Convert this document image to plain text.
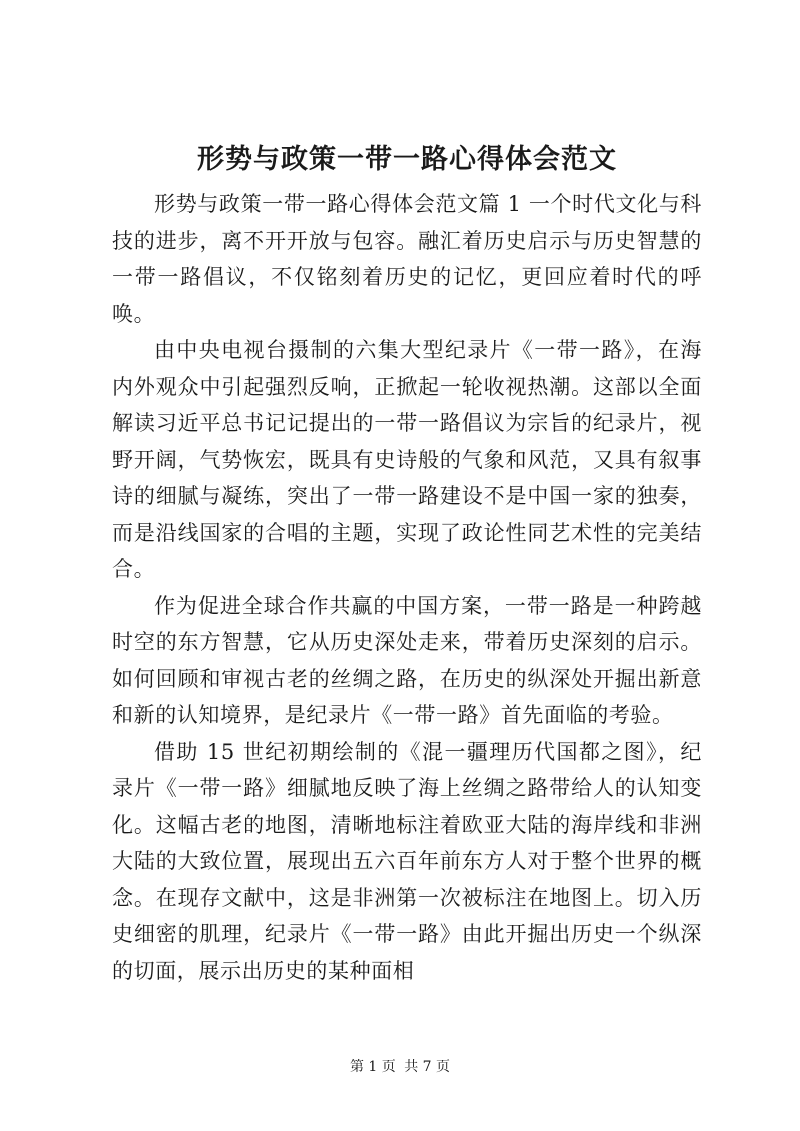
形势与政策一带一路心得体会范文

形势与政策一带一路心得体会范文篇 1 一个时代文化与科技的进步，离不开开放与包容。融汇着历史启示与历史智慧的一带一路倡议，不仅铭刻着历史的记忆，更回应着时代的呼唤。

由中央电视台摄制的六集大型纪录片《一带一路》，在海内外观众中引起强烈反响，正掀起一轮收视热潮。这部以全面解读习近平总书记记提出的一带一路倡议为宗旨的纪录片，视野开阔，气势恢宏，既具有史诗般的气象和风范，又具有叙事诗的细腻与凝练，突出了一带一路建设不是中国一家的独奏，而是沿线国家的合唱的主题，实现了政论性同艺术性的完美结合。

作为促进全球合作共赢的中国方案，一带一路是一种跨越时空的东方智慧，它从历史深处走来，带着历史深刻的启示。如何回顾和审视古老的丝绸之路，在历史的纵深处开掘出新意和新的认知境界，是纪录片《一带一路》首先面临的考验。

借助 15 世纪初期绘制的《混一疆理历代国都之图》，纪录片《一带一路》细腻地反映了海上丝绸之路带给人的认知变化。这幅古老的地图，清晰地标注着欧亚大陆的海岸线和非洲大陆的大致位置，展现出五六百年前东方人对于整个世界的概念。在现存文献中，这是非洲第一次被标注在地图上。切入历史细密的肌理，纪录片《一带一路》由此开掘出历史一个纵深的切面，展示出历史的某种面相

第 1 页 共 7 页
